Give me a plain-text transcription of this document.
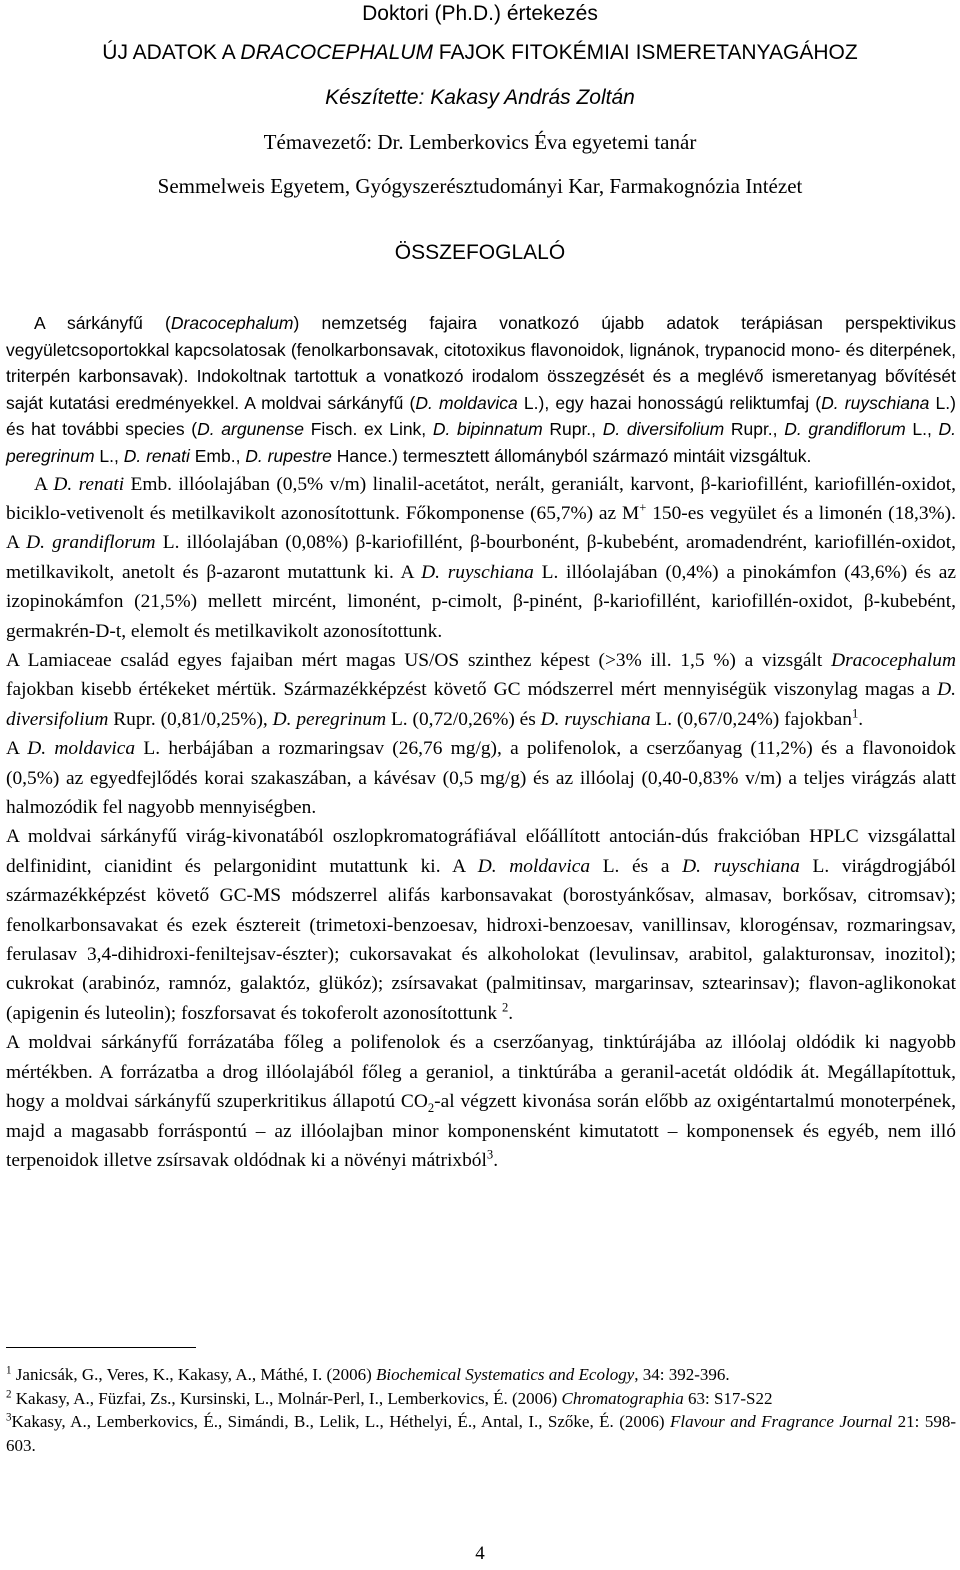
Doktori (Ph.D.) értekezés
ÚJ ADATOK A DRACOCEPHALUM FAJOK FITOKÉMIAI ISMERETANYAGÁHOZ
Készítette: Kakasy András Zoltán
Témavezető: Dr. Lemberkovics Éva egyetemi tanár
Semmelweis Egyetem, Gyógyszerésztudományi Kar, Farmakognózia Intézet
ÖSSZEFOGLALÓ

A sárkányfű (Dracocephalum) nemzetség fajaira vonatkozó újabb adatok terápiásan perspektivikus vegyületcsoportokkal kapcsolatosak (fenolkarbonsavak, citotoxikus flavonoidok, lignánok, trypanocid mono- és diterpének, triterpén karbonsavak). Indokoltnak tartottuk a vonatkozó irodalom összegzését és a meglévő ismeretanyag bővítését saját kutatási eredményekkel. A moldvai sárkányfű (D. moldavica L.), egy hazai honosságú reliktumfaj (D. ruyschiana L.) és hat további species (D. argunense Fisch. ex Link, D. bipinnatum Rupr., D. diversifolium Rupr., D. grandiflorum L., D. peregrinum L., D. renati Emb., D. rupestre Hance.) termesztett állományból származó mintáit vizsgáltuk.

A D. renati Emb. illóolajában (0,5% v/m) linalil-acetátot, nerált, geraniált, karvont, β-kariofillént, kariofillén-oxidot, biciklo-vetivenolt és metilkavikolt azonosítottunk. Főkomponense (65,7%) az M+ 150-es vegyület és a limonén (18,3%). A D. grandiflorum L. illóolajában (0,08%) β-kariofillént, β-bourbonént, β-kubebént, aromadendrént, kariofillén-oxidot, metilkavikolt, anetolt és β-azaront mutattunk ki. A D. ruyschiana L. illóolajában (0,4%) a pinokámfon (43,6%) és az izopinokámfon (21,5%) mellett mircént, limonént, p-cimolt, β-pinént, β-kariofillént, kariofillén-oxidot, β-kubebént, germakrén-D-t, elemolt és metilkavikolt azonosítottunk.

A Lamiaceae család egyes fajaiban mért magas US/OS szinthez képest (>3% ill. 1,5 %) a vizsgált Dracocephalum fajokban kisebb értékeket mértük. Származékképzést követő GC módszerrel mért mennyiségük viszonylag magas a D. diversifolium Rupr. (0,81/0,25%), D. peregrinum L. (0,72/0,26%) és D. ruyschiana L. (0,67/0,24%) fajokban$^1$.

A D. moldavica L. herbájában a rozmaringsav (26,76 mg/g), a polifenolok, a cserzőanyag (11,2%) és a flavonoidok (0,5%) az egyedfejlődés korai szakaszában, a kávésav (0,5 mg/g) és az illóolaj (0,40-0,83% v/m) a teljes virágzás alatt halmozódik fel nagyobb mennyiségben.

A moldvai sárkányfű virág-kivonatából oszlopkromatográfiával előállított antocián-dús frakcióban HPLC vizsgálattal delfinidint, cianidint és pelargonidint mutattunk ki. A D. moldavica L. és a D. ruyschiana L. virágdrogjából származékképzést követő GC-MS módszerrel alifás karbonsavakat (borostyánkősav, almasav, borkősav, citromsav); fenolkarbonsavakat és ezek észtereit (trimetoxi-benzoesav, hidroxi-benzoesav, vanillinsav, klorogénsav, rozmaringsav, ferulasav 3,4-dihidroxi-feniltejsav-észter); cukorsavakat és alkoholokat (levulinsav, arabitol, galakturonsav, inozitol); cukrokat (arabinóz, ramnóz, galaktóz, glükóz); zsírsavakat (palmitinsav, margarinsav, sztearinsav); flavon-aglikonokat (apigenin és luteolin); foszforsavat és tokoferolt azonosítottunk $^2$.

A moldvai sárkányfű forrázatába főleg a polifenolok és a cserzőanyag, tinktúrájába az illóolaj oldódik ki nagyobb mértékben. A forrázatba a drog illóolajából főleg a geraniol, a tinktúrába a geranil-acetát oldódik át. Megállapítottuk, hogy a moldvai sárkányfű szuperkritikus állapotú $CO_2-al$ végzett kivonása során előbb az oxigéntartalmú monoterpének, majd a magasabb forráspontú – az illóolajban minor komponensként kimutatott – komponensek és egyéb, nem illó terpenoidok illetve zsírsavak oldódnak ki a növényi mátrixból$^3$.

$^1$ Janicsák, G., Veres, K., Kakasy, A., Máthé, I. (2006) Biochemical Systematics and Ecology, 34: 392-396.

$^2$ Kakasy, A., Füzfai, Zs., Kursinski, L., Molnár-Perl, I., Lemberkovics, É. (2006) Chromatographia 63: S17-S22

$^3$Kakasy, A., Lemberkovics, É., Simándi, B., Lelik, L., Héthelyi, É., Antal, I., Szőke, É. (2006) Flavour and Fragrance Journal 21: 598-603.

4
